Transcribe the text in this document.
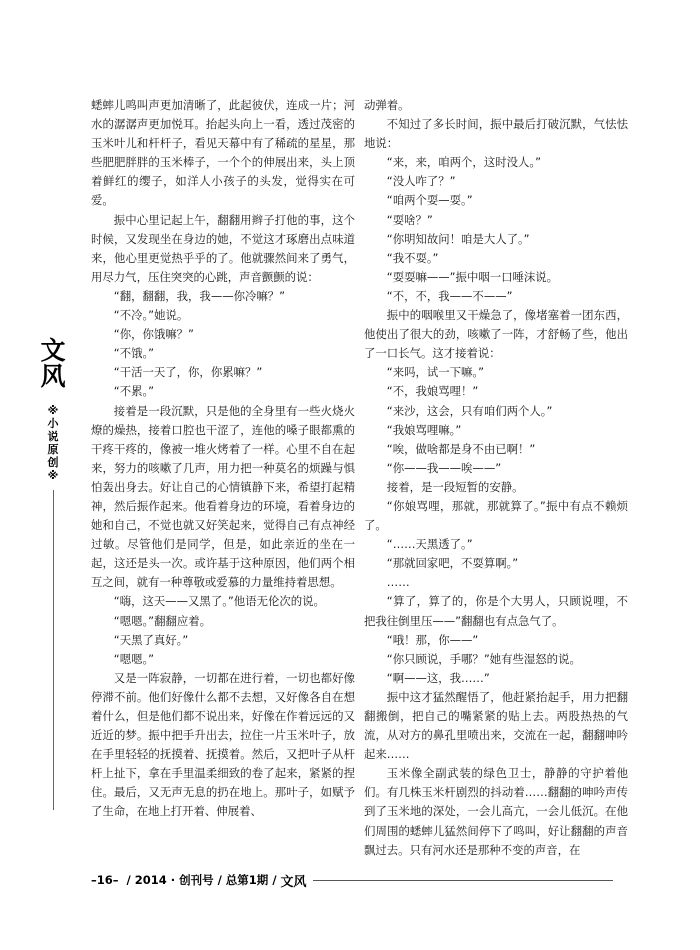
文
风
※
小
说
原
创
※

蟋蟀儿鸣叫声更加清晰了，此起彼伏，连成一片；河水的潺潺声更加悦耳。抬起头向上一看，透过茂密的玉米叶儿和杆杆子，看见天幕中有了稀疏的星星，那些肥肥胖胖的玉米棒子，一个个的伸展出来，头上顶着鲜红的缨子，如洋人小孩子的头发，觉得实在可爱。

振中心里记起上午，翻翻用辫子打他的事，这个时候，又发现坐在身边的她，不觉这才琢磨出点味道来，他心里更觉热乎乎的了。他就骤然间来了勇气，用尽力气，压住突突的心跳，声音颤颤的说：

“翻，翻翻，我，我——你冷嘛？”

“不冷。”她说。

“你，你饿嘛？”

“不饿。”

“干活一天了，你，你累嘛？”

“不累。”

接着是一段沉默，只是他的全身里有一些火烧火燎的燥热，接着口腔也干涩了，连他的嗓子眼都熏的干疼干疼的，像被一堆火烤着了一样。心里不自在起来，努力的咳嗽了几声，用力把一种莫名的烦躁与惧怕轰出身去。好让自己的心情镇静下来，希望打起精神，然后振作起来。他看着身边的环境，看着身边的她和自己，不觉也就又好笑起来，觉得自己有点神经过敏。尽管他们是同学，但是，如此亲近的坐在一起，这还是头一次。或许基于这种原因，他们两个相互之间，就有一种尊敬或爱慕的力量维持着思想。

“嗨，这天——又黑了。”他语无伦次的说。

“嗯嗯。”翻翻应着。

“天黑了真好。”

“嗯嗯。”

又是一阵寂静，一切都在进行着，一切也都好像停滞不前。他们好像什么都不去想，又好像各自在想着什么，但是他们都不说出来，好像在作着远远的又近近的梦。振中把手升出去，拉住一片玉米叶子，放在手里轻轻的抚摸着、抚摸着。然后，又把叶子从杆杆上扯下，拿在手里温柔细致的卷了起来，紧紧的捏住。最后，又无声无息的扔在地上。那叶子，如赋予了生命，在地上打开着、伸展着、

动弹着。

不知过了多长时间，振中最后打破沉默，气怯怯地说：

“来，来，咱两个，这时没人。”

“没人咋了？”

“咱两个耍—耍。”

“耍啥？”

“你明知故问！咱是大人了。”

“我不耍。”

“耍耍嘛——”振中咽一口唾沫说。

“不，不，我——不——”

振中的咽喉里又干燥急了，像堵塞着一团东西，他使出了很大的劲，咳嗽了一阵，才舒畅了些，他出了一口长气。这才接着说：

“来吗，试一下嘛。”

“不，我娘骂哩！”

“来沙，这会，只有咱们两个人。”

“我娘骂哩嘛。”

“唉，做啥都是身不由已啊！”

“你——我——唉——”

接着，是一段短暂的安静。

“你娘骂哩，那就，那就算了。”振中有点不赖烦了。

“……天黑透了。”

“那就回家吧，不耍算啊。”

……

“算了，算了的，你是个大男人，只顾说哩，不把我往倒里压——”翻翻也有点急气了。

“哦！那，你——”

“你只顾说，手哪？”她有些湿怒的说。

“啊——这，我……”

振中这才猛然醒悟了，他赶紧抬起手，用力把翻翻搬倒，把自己的嘴紧紧的贴上去。两股热热的气流，从对方的鼻孔里喷出来，交流在一起，翻翻呻吟起来……

玉米像全副武装的绿色卫士，静静的守护着他们。有几株玉米杆剧烈的抖动着……翻翻的呻吟声传到了玉米地的深处，一会儿高亢，一会儿低沉。在他们周围的蟋蟀儿猛然间停下了鸣叫，好让翻翻的声音飘过去。只有河水还是那种不变的声音，在

–16– / 2014 · 创刊号 / 总第1期 / 文风
